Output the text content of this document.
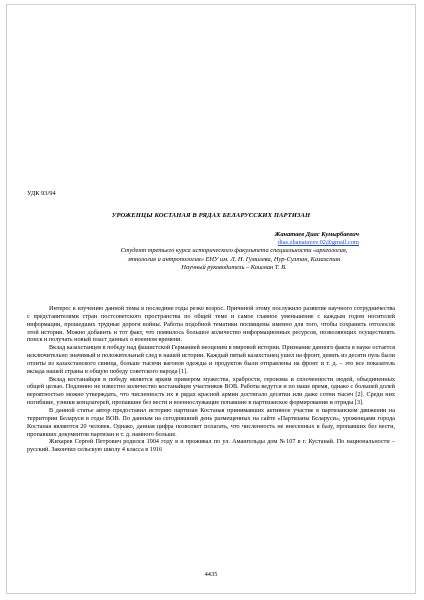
УДК 93/94
УРОЖЕНЦЫ КОСТАНАЯ В РЯДАХ БЕЛАРУССКИХ ПАРТИЗАН
Жанатаев Диас Кумырбаевич
dias.zhanatayev.02@gmail.com
Студент третьего курса исторического факультета специальности «археология,
этнология и антропология» ЕНУ им. Л. Н. Гумилева, Нур-Султан, Казахстан
Научный руководитель – Кошман Т. В.

Интерес к изучению данной темы в последние годы резко возрос. Причиной этому послужило развитие научного сотрудничества с представителями стран постсоветского пространства по общей теме и самое главное уменьшение с каждым годом носителей информации, прошедших трудные дороги войны. Работы подобной тематики посвящены именно для того, чтобы сохранить отголосок этой истории. Можно добавить и тот факт, что появилось большое количество информационных ресурсов, позволяющих осуществлять поиск и получать новый пласт данных о военном времени.

Вклад казахстанцев в победу над фашистской Германией неоценим в мировой истории. Признание данного факта в науке остается исключительно значимый и положительный след в нашей истории. Каждый пятый казахстанец ушел на фронт, девять из десяти пуль были отлиты из казахстанского свинца, больше тысячи вагонов одежды и продуктов были отправлены на фронт и т. д. – это все показатель вклада нашей страны в общую победу советского народа [1].

Вклад костанайцев в победу является ярким примером мужества, храбрости, героизма и сплоченности людей, объединенных общей целью. Подлинно не известно количество костанайцев участников ВОВ. Работы ведутся и по наше время, однако с большей долей вероятностью можно утверждать, что численность их в рядах красной армии достигало десятки или даже сотни тысяч [2]. Среди них погибшие, узники концлагерей, пропавшие без вести и военнослужащие попавшие в партизанское формирования и отряды [3].

В данной статье автор предоставил историю партизан Костаная принимавших активное участие в партизанском движении на территории Беларуси в годы ВОВ. По данным на сегодняшний день размещенных на сайте «Партизаны Беларуси», уроженцами города Костаная являются 20 человек. Однако, данная цифра позволяет полагать, что численность не внесенных в базу, пропавших без вести, пропавших документов партизан и т. д. намного больше.

Жихарев Сергей Петрович родился 1904 году в и проживал по ул. Амангельды дом №107 в г. Кустанай. По национальности – русский. Закончил сельскую школу 4 класса в 1916

4435
